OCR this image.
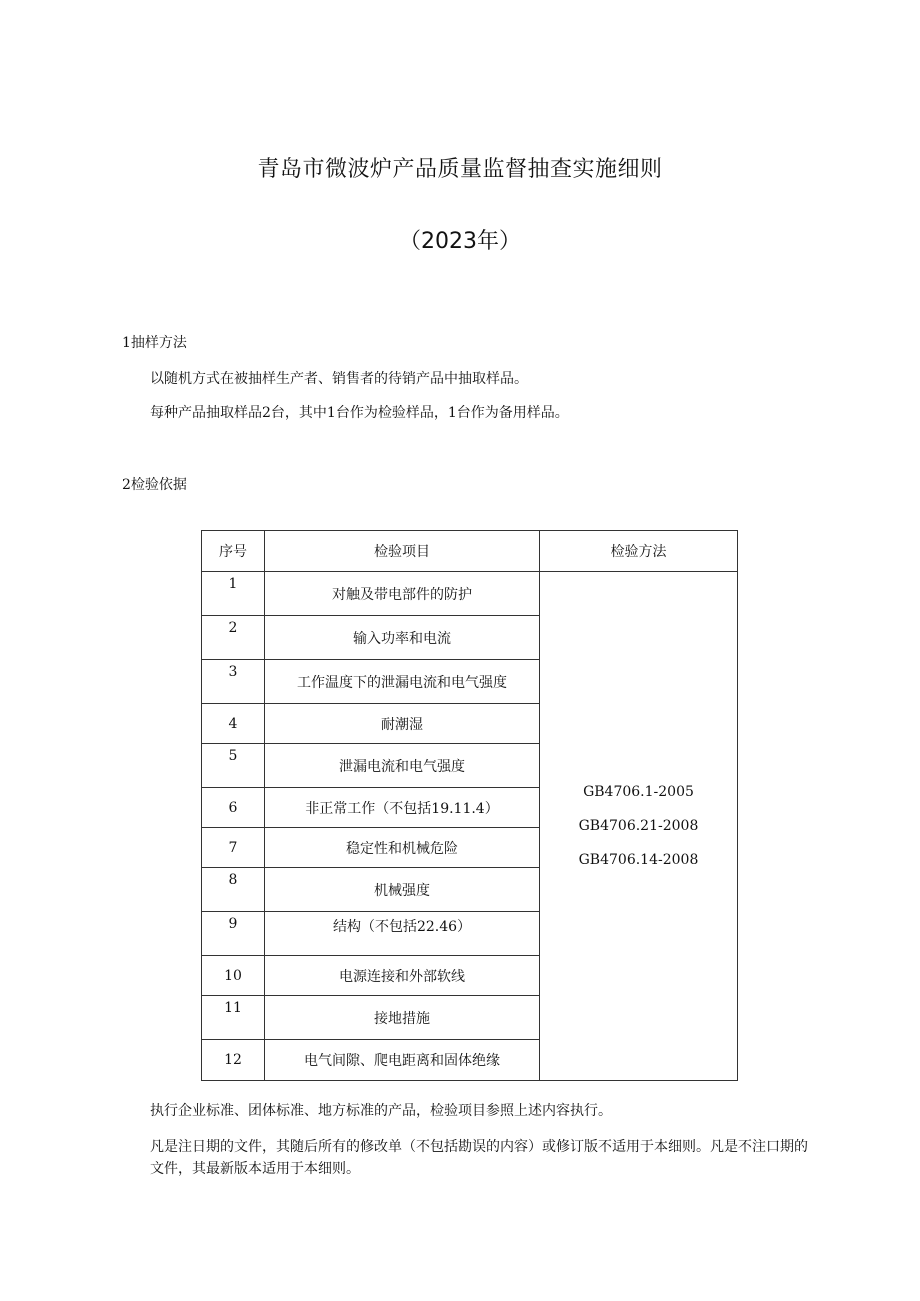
青岛市微波炉产品质量监督抽查实施细则
（2023年）
1抽样方法
以随机方式在被抽样生产者、销售者的待销产品中抽取样品。
每种产品抽取样品2台，其中1台作为检验样品，1台作为备用样品。
2检验依据
序号	检验项目	检验方法
1	对触及带电部件的防护	GB4706.1-2005
GB4706.21-2008
GB4706.14-2008

2	输入功率和电流	
3	工作温度下的泄漏电流和电气强度	
4	耐潮湿	
5	泄漏电流和电气强度	
6	非正常工作（不包括19.11.4）	
7	稳定性和机械危险	
8	机械强度	
9	结构（不包括22.46）	
10	电源连接和外部软线	
11	接地措施	
12	电气间隙、爬电距离和固体绝缘	
执行企业标准、团体标准、地方标准的产品，检验项目参照上述内容执行。
凡是注日期的文件，其随后所有的修改单（不包括勘误的内容）或修订版不适用于本细则。凡是不注口期的文件，其最新版本适用于本细则。
